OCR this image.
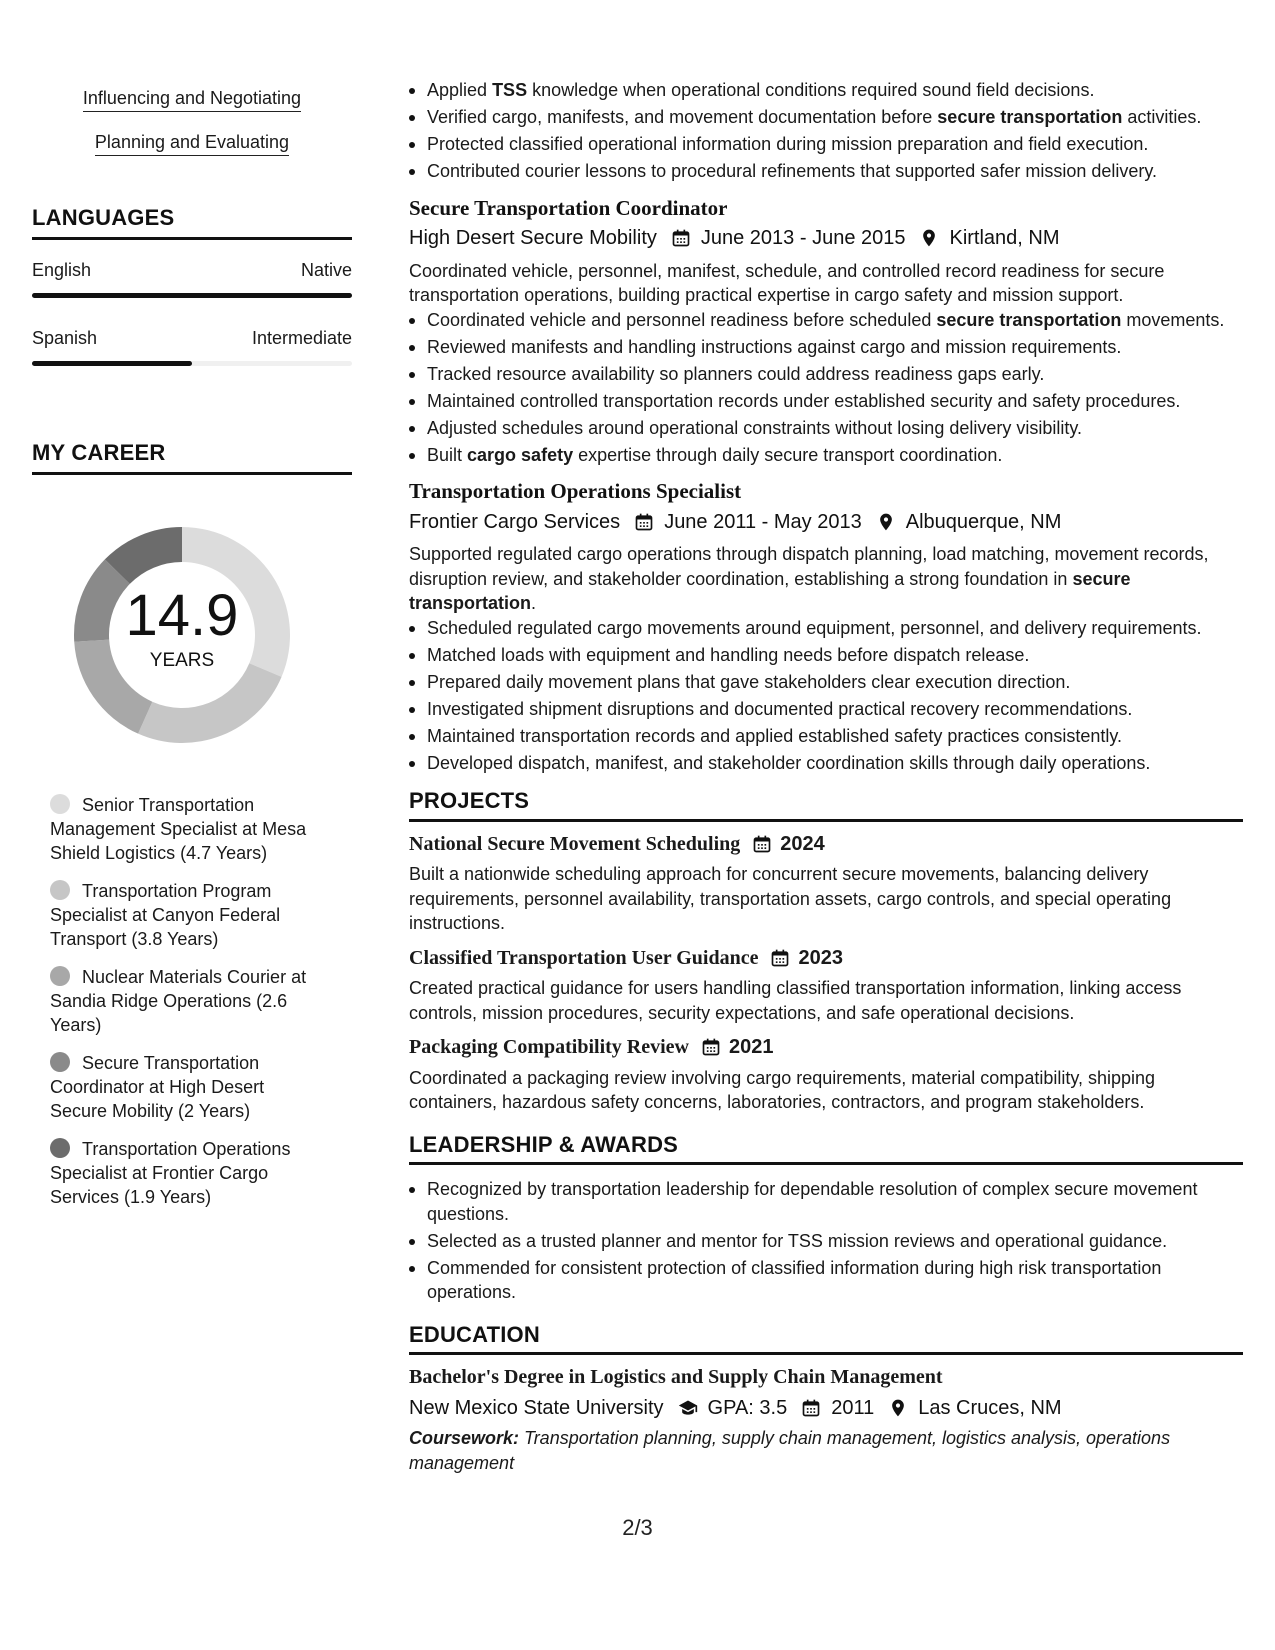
Influencing and Negotiating
Planning and Evaluating
LANGUAGES
English	Native
Spanish	Intermediate
MY CAREER
14.9
YEARS
Senior Transportation Management Specialist at Mesa Shield Logistics (4.7 Years)
Transportation Program Specialist at Canyon Federal Transport (3.8 Years)
Nuclear Materials Courier at Sandia Ridge Operations (2.6 Years)
Secure Transportation Coordinator at High Desert Secure Mobility (2 Years)
Transportation Operations Specialist at Frontier Cargo Services (1.9 Years)
Applied TSS knowledge when operational conditions required sound field decisions.
Verified cargo, manifests, and movement documentation before secure transportation activities.
Protected classified operational information during mission preparation and field execution.
Contributed courier lessons to procedural refinements that supported safer mission delivery.
Secure Transportation Coordinator
High Desert Secure Mobility June 2013 - June 2015 Kirtland, NM
Coordinated vehicle, personnel, manifest, schedule, and controlled record readiness for secure transportation operations, building practical expertise in cargo safety and mission support.
Coordinated vehicle and personnel readiness before scheduled secure transportation movements.
Reviewed manifests and handling instructions against cargo and mission requirements.
Tracked resource availability so planners could address readiness gaps early.
Maintained controlled transportation records under established security and safety procedures.
Adjusted schedules around operational constraints without losing delivery visibility.
Built cargo safety expertise through daily secure transport coordination.
Transportation Operations Specialist
Frontier Cargo Services June 2011 - May 2013 Albuquerque, NM
Supported regulated cargo operations through dispatch planning, load matching, movement records, disruption review, and stakeholder coordination, establishing a strong foundation in secure transportation.
Scheduled regulated cargo movements around equipment, personnel, and delivery requirements.
Matched loads with equipment and handling needs before dispatch release.
Prepared daily movement plans that gave stakeholders clear execution direction.
Investigated shipment disruptions and documented practical recovery recommendations.
Maintained transportation records and applied established safety practices consistently.
Developed dispatch, manifest, and stakeholder coordination skills through daily operations.
PROJECTS
National Secure Movement Scheduling 2024
Built a nationwide scheduling approach for concurrent secure movements, balancing delivery requirements, personnel availability, transportation assets, cargo controls, and special operating instructions.
Classified Transportation User Guidance 2023
Created practical guidance for users handling classified transportation information, linking access controls, mission procedures, security expectations, and safe operational decisions.
Packaging Compatibility Review 2021
Coordinated a packaging review involving cargo requirements, material compatibility, shipping containers, hazardous safety concerns, laboratories, contractors, and program stakeholders.
LEADERSHIP & AWARDS
Recognized by transportation leadership for dependable resolution of complex secure movement questions.
Selected as a trusted planner and mentor for TSS mission reviews and operational guidance.
Commended for consistent protection of classified information during high risk transportation operations.
EDUCATION
Bachelor's Degree in Logistics and Supply Chain Management
New Mexico State University GPA: 3.5 2011 Las Cruces, NM
Coursework: Transportation planning, supply chain management, logistics analysis, operations management
2/3
